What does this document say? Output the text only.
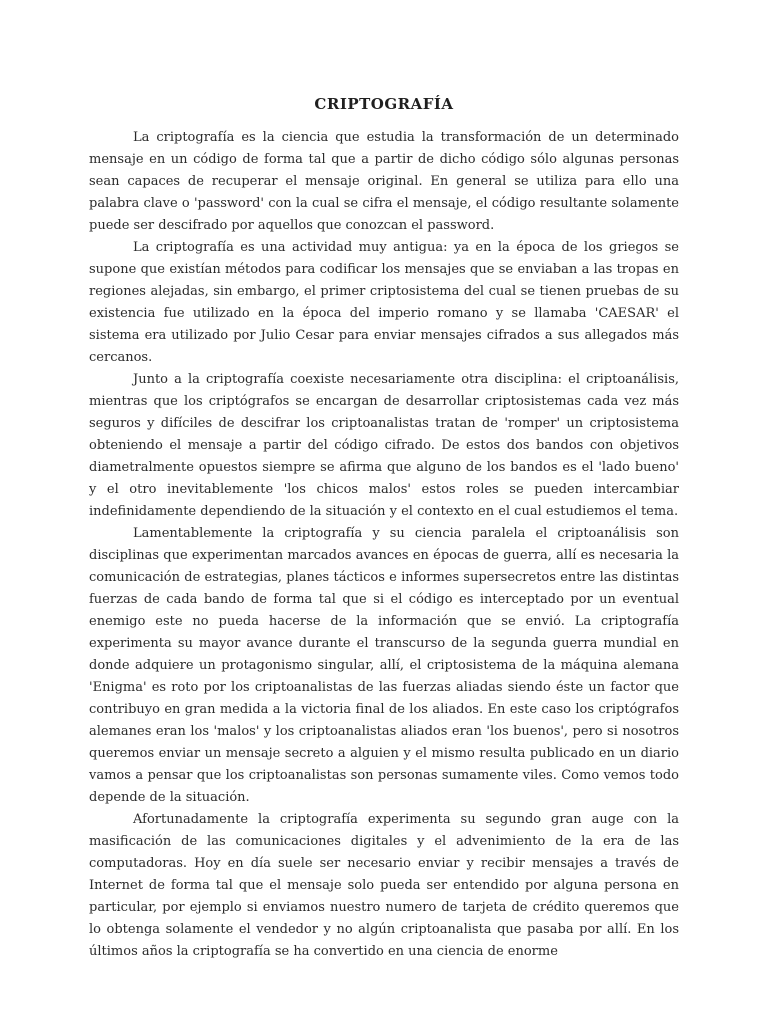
CRIPTOGRAFÍA

La criptografía es la ciencia que estudia la transformación de un determinado mensaje en un código de forma tal que a partir de dicho código sólo algunas personas sean capaces de recuperar el mensaje original. En general se utiliza para ello una palabra clave o 'password' con la cual se cifra el mensaje, el código resultante solamente puede ser descifrado por aquellos que conozcan el password.

La criptografía es una actividad muy antigua: ya en la época de los griegos se supone que existían métodos para codificar los mensajes que se enviaban a las tropas en regiones alejadas, sin embargo, el primer criptosistema del cual se tienen pruebas de su existencia fue utilizado en la época del imperio romano y se llamaba 'CAESAR' el sistema era utilizado por Julio Cesar para enviar mensajes cifrados a sus allegados más cercanos.

Junto a la criptografía coexiste necesariamente otra disciplina: el criptoanálisis, mientras que los criptógrafos se encargan de desarrollar criptosistemas cada vez más seguros y difíciles de descifrar los criptoanalistas tratan de 'romper' un criptosistema obteniendo el mensaje a partir del código cifrado. De estos dos bandos con objetivos diametralmente opuestos siempre se afirma que alguno de los bandos es el 'lado bueno' y el otro inevitablemente 'los chicos malos' estos roles se pueden intercambiar indefinidamente dependiendo de la situación y el contexto en el cual estudiemos el tema.

Lamentablemente la criptografía y su ciencia paralela el criptoanálisis son disciplinas que experimentan marcados avances en épocas de guerra, allí es necesaria la comunicación de estrategias, planes tácticos e informes supersecretos entre las distintas fuerzas de cada bando de forma tal que si el código es interceptado por un eventual enemigo este no pueda hacerse de la información que se envió. La criptografía experimenta su mayor avance durante el transcurso de la segunda guerra mundial en donde adquiere un protagonismo singular, allí, el criptosistema de la máquina alemana 'Enigma' es roto por los criptoanalistas de las fuerzas aliadas siendo éste un factor que contribuyo en gran medida a la victoria final de los aliados. En este caso los criptógrafos alemanes eran los 'malos' y los criptoanalistas aliados eran 'los buenos', pero si nosotros queremos enviar un mensaje secreto a alguien y el mismo resulta publicado en un diario vamos a pensar que los criptoanalistas son personas sumamente viles. Como vemos todo depende de la situación.

Afortunadamente la criptografía experimenta su segundo gran auge con la masificación de las comunicaciones digitales y el advenimiento de la era de las computadoras. Hoy en día suele ser necesario enviar y recibir mensajes a través de Internet de forma tal que el mensaje solo pueda ser entendido por alguna persona en particular, por ejemplo si enviamos nuestro numero de tarjeta de crédito queremos que lo obtenga solamente el vendedor y no algún criptoanalista que pasaba por allí. En los últimos años la criptografía se ha convertido en una ciencia de enorme
